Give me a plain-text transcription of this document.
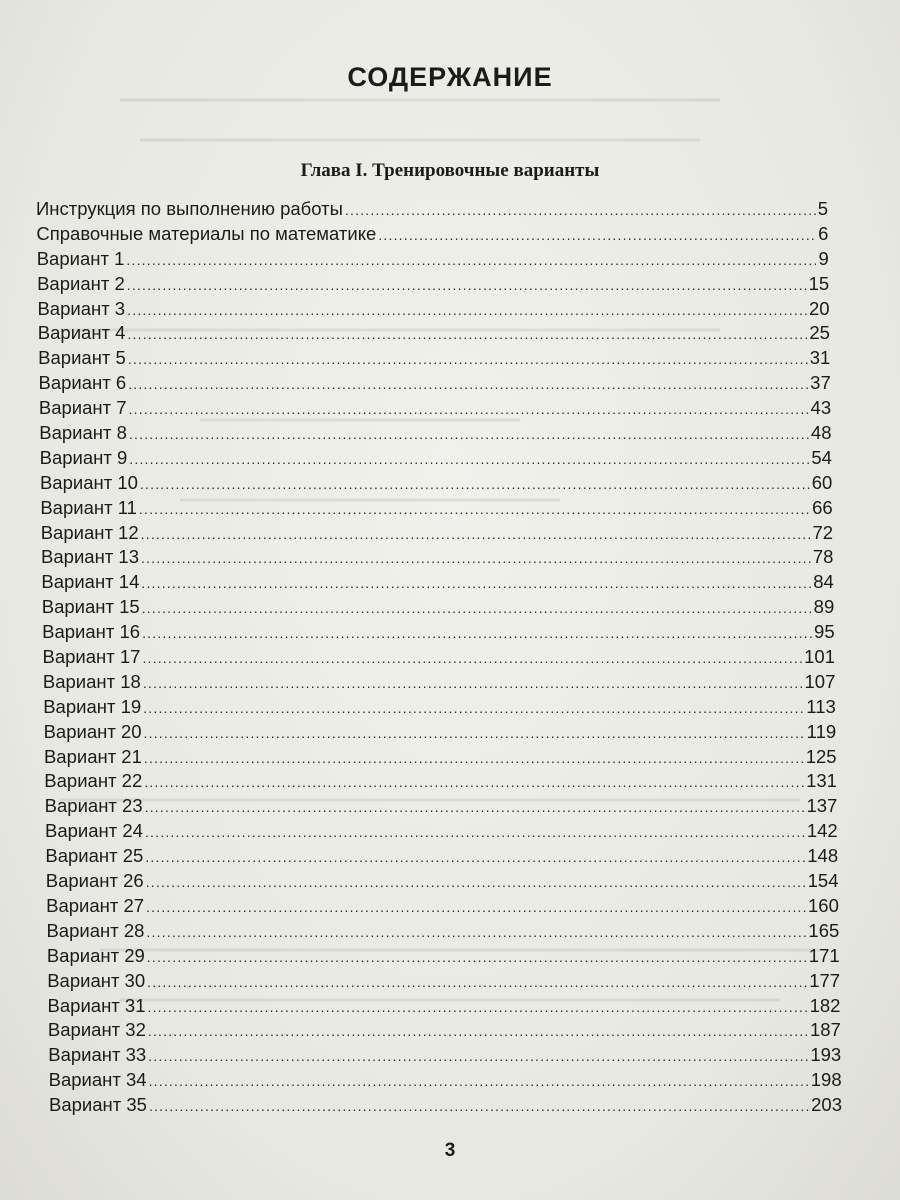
СОДЕРЖАНИЕ
Глава I. Тренировочные варианты
Инструкция по выполнению работы .....	5
Справочные материалы по математике .....	6
Вариант 1 .....	9
Вариант 2 .....	15
Вариант 3 .....	20
Вариант 4 .....	25
Вариант 5 .....	31
Вариант 6 .....	37
Вариант 7 .....	43
Вариант 8 .....	48
Вариант 9 .....	54
Вариант 10 .....	60
Вариант 11 .....	66
Вариант 12 .....	72
Вариант 13 .....	78
Вариант 14 .....	84
Вариант 15 .....	89
Вариант 16 .....	95
Вариант 17 .....	101
Вариант 18 .....	107
Вариант 19 .....	113
Вариант 20 .....	119
Вариант 21 .....	125
Вариант 22 .....	131
Вариант 23 .....	137
Вариант 24 .....	142
Вариант 25 .....	148
Вариант 26 .....	154
Вариант 27 .....	160
Вариант 28 .....	165
Вариант 29 .....	171
Вариант 30 .....	177
Вариант 31 .....	182
Вариант 32 .....	187
Вариант 33 .....	193
Вариант 34 .....	198
Вариант 35 .....	203
3
